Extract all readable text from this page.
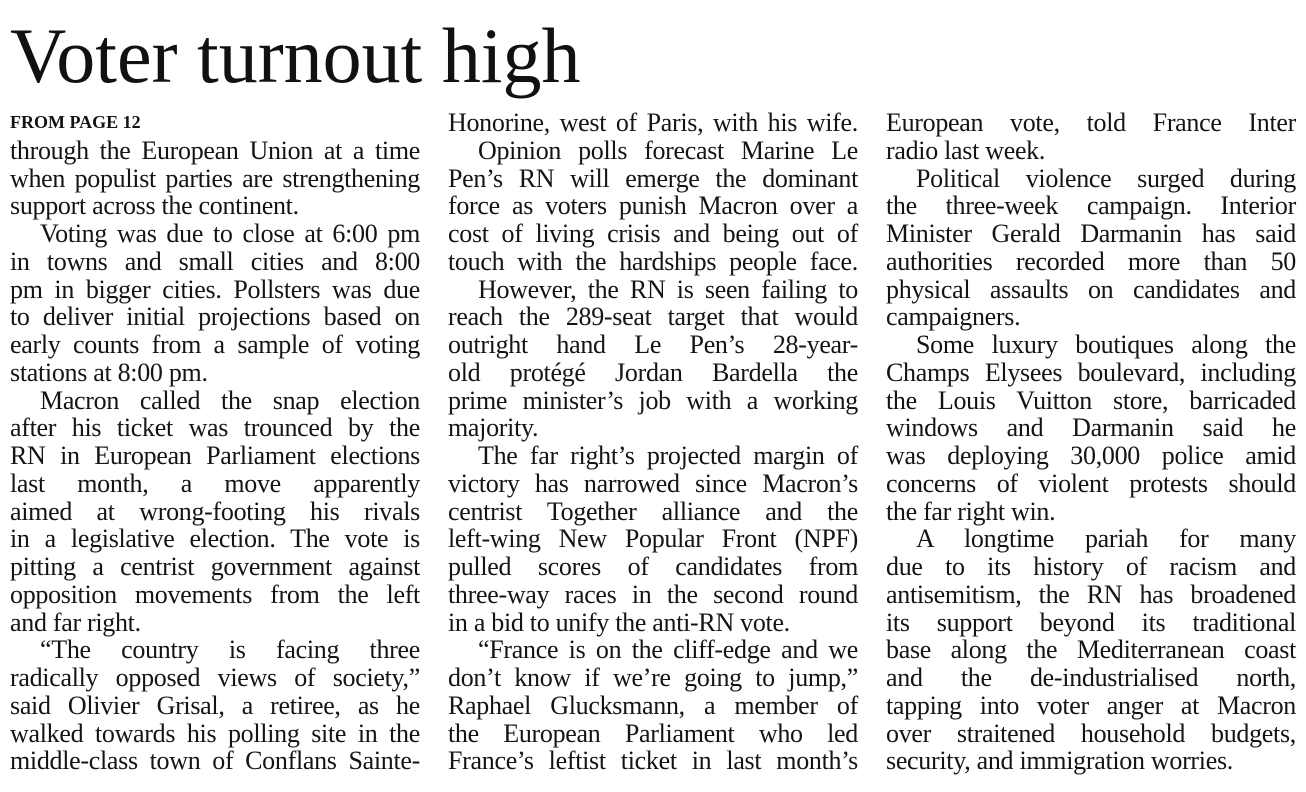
Voter turnout high
FROM PAGE 12
through the European Union at a time
when populist parties are strengthening
support across the continent.
Voting was due to close at 6:00 pm
in towns and small cities and 8:00
pm in bigger cities. Pollsters was due
to deliver initial projections based on
early counts from a sample of voting
stations at 8:00 pm.
Macron called the snap election
after his ticket was trounced by the
RN in European Parliament elections
last month, a move apparently
aimed at wrong-footing his rivals
in a legislative election. The vote is
pitting a centrist government against
opposition movements from the left
and far right.
“The country is facing three
radically opposed views of society,”
said Olivier Grisal, a retiree, as he
walked towards his polling site in the
middle-class town of Conflans Sainte-
Honorine, west of Paris, with his wife.
Opinion polls forecast Marine Le
Pen’s RN will emerge the dominant
force as voters punish Macron over a
cost of living crisis and being out of
touch with the hardships people face.
However, the RN is seen failing to
reach the 289-seat target that would
outright hand Le Pen’s 28-year-
old protégé Jordan Bardella the
prime minister’s job with a working
majority.
The far right’s projected margin of
victory has narrowed since Macron’s
centrist Together alliance and the
left-wing New Popular Front (NPF)
pulled scores of candidates from
three-way races in the second round
in a bid to unify the anti-RN vote.
“France is on the cliff-edge and we
don’t know if we’re going to jump,”
Raphael Glucksmann, a member of
the European Parliament who led
France’s leftist ticket in last month’s
European vote, told France Inter
radio last week.
Political violence surged during
the three-week campaign. Interior
Minister Gerald Darmanin has said
authorities recorded more than 50
physical assaults on candidates and
campaigners.
Some luxury boutiques along the
Champs Elysees boulevard, including
the Louis Vuitton store, barricaded
windows and Darmanin said he
was deploying 30,000 police amid
concerns of violent protests should
the far right win.
A longtime pariah for many
due to its history of racism and
antisemitism, the RN has broadened
its support beyond its traditional
base along the Mediterranean coast
and the de-industrialised north,
tapping into voter anger at Macron
over straitened household budgets,
security, and immigration worries.
